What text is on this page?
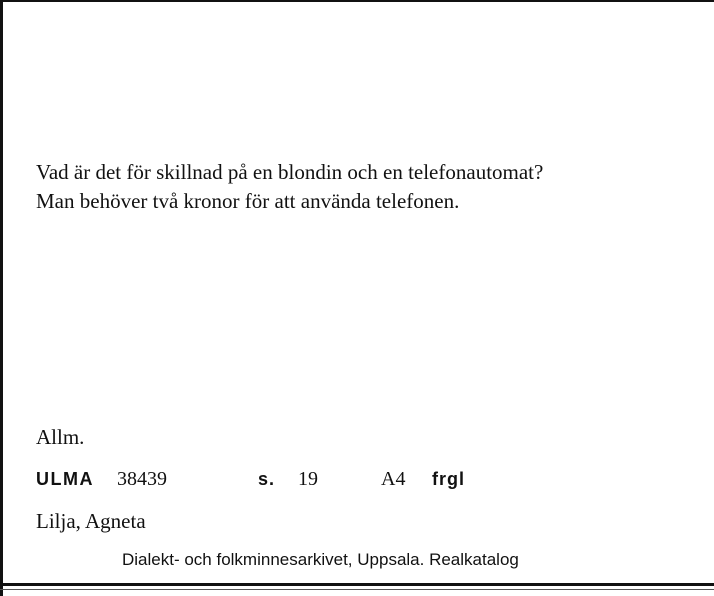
Vad är det för skillnad på en blondin och en telefonautomat?
Man behöver två kronor för att använda telefonen.
Allm.
ULMA 38439	s. 19	A4 frgl
Lilja, Agneta
Dialekt- och folkminnesarkivet, Uppsala. Realkatalog
